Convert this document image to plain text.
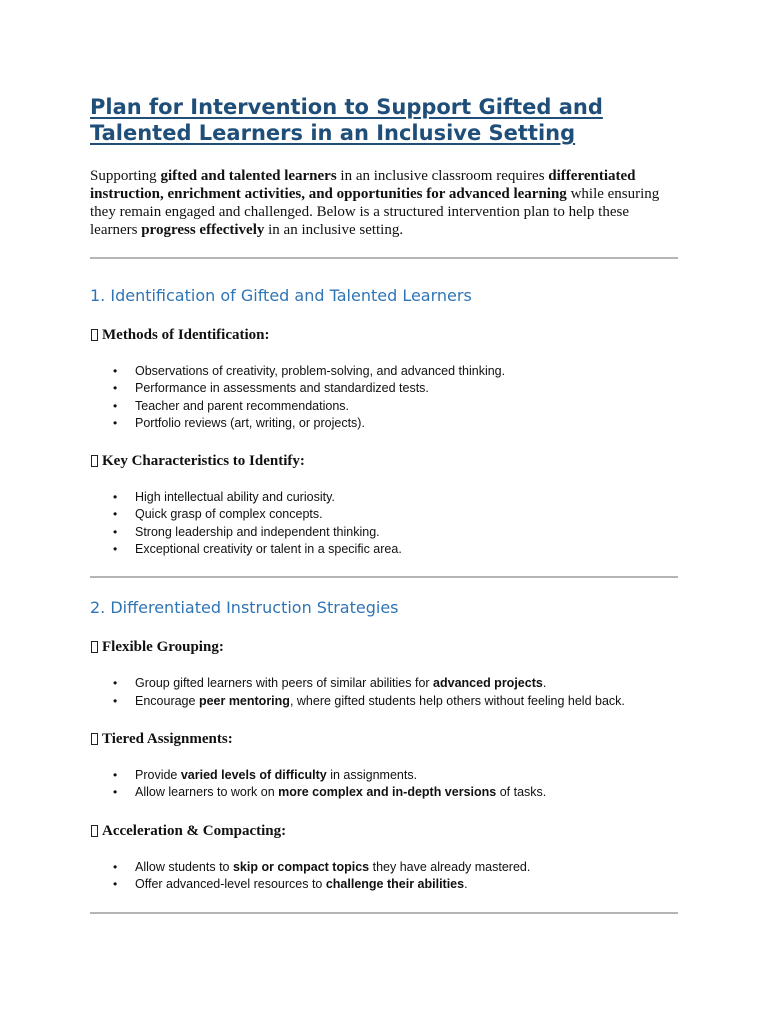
Plan for Intervention to Support Gifted and Talented Learners in an Inclusive Setting

Supporting gifted and talented learners in an inclusive classroom requires differentiated instruction, enrichment activities, and opportunities for advanced learning while ensuring they remain engaged and challenged. Below is a structured intervention plan to help these learners progress effectively in an inclusive setting.

1. Identification of Gifted and Talented Learners
Methods of Identification:
• Observations of creativity, problem-solving, and advanced thinking.
• Performance in assessments and standardized tests.
• Teacher and parent recommendations.
• Portfolio reviews (art, writing, or projects).
Key Characteristics to Identify:
• High intellectual ability and curiosity.
• Quick grasp of complex concepts.
• Strong leadership and independent thinking.
• Exceptional creativity or talent in a specific area.
2. Differentiated Instruction Strategies
Flexible Grouping:
• Group gifted learners with peers of similar abilities for advanced projects.
• Encourage peer mentoring, where gifted students help others without feeling held back.
Tiered Assignments:
• Provide varied levels of difficulty in assignments.
• Allow learners to work on more complex and in-depth versions of tasks.
Acceleration & Compacting:
• Allow students to skip or compact topics they have already mastered.
• Offer advanced-level resources to challenge their abilities.
